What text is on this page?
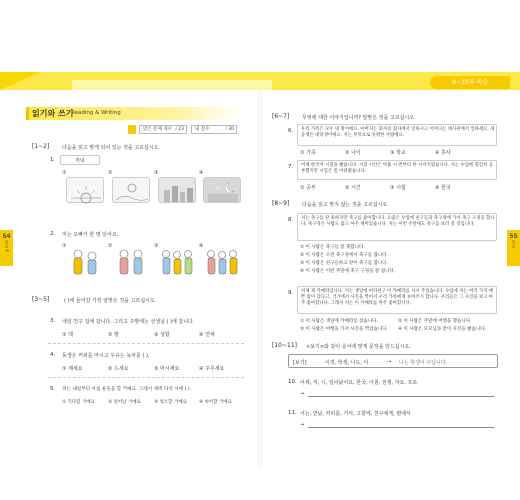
9~10과 복습
54
복습 4
55
복습
읽기와 쓰기
Reading & Writing
맞은 문제 개수 / 23	내 점수	/ 30
[1~2]	다음을 읽고 맞게 되어 있는 것을 고르십시오.
1.	저녁
①	②	③	④
2. 저는 오빠가 한 명 있어요.
①	②	③	④
[3~5]	( )에 들어갈 가장 알맞은 것을 고르십시오.
3. 내일 친구 집에 갑니다. 그리고 주말에는 선생님 ( )에 갑니다.
① 댁	② 밭	③ 성함	④ 연세
4. 동생은 커피를 마시고 우유는 녹차를 ( ).
① 계세요	② 드세요	③ 마시세요	④ 주무세요
5. 저는 내일부터 아침 운동을 할 거예요. 그래서 새벽 다섯 시에 ( ).
① 기다릴 거예요	② 일어날 거예요	③ 청소할 거예요	④ 씻어할 거예요
[6~7]	무엇에 대한 이야기입니까? 알맞은 것을 고르십시오.
6. 우리 가족은 모두 네 명이에요. 아버지는 회사의 회사에서 일하시고 어머니는 대사관에서 일하세요. 제 동생은 대학생이에요. 저는 무엇으로 유명한 사람예요.
① 가족	② 나이	③ 학교	④ 휴사
7. 어제 한국어 시험을 봤습니다. 시험 시간은 아홉 시 반부터 한 시까지였습니다. 저는 수업에 열심히 공부했지만 시험은 좀 어려웠습니다.
① 공부	② 시간	③ 시험	④ 한국
[8~9]	다음을 읽고 맞지 않는 것을 고르십시오.
8. 저는 축구를 잘 못하지만 축구를 좋아합니다. 요즘은 수업에 친구들과 축구경에 가서 축구 구경을 합니다. 축구경은 사람도 많고 아주 재미있습니다. 저는 이번 주말에도 축구를 보러 갈 것입니다.
① 이 사람은 축구를 잘 못합니다.
② 이 사람은 오전 축구경에서 축구를 봅니다.
③ 이 사람은 친구들하고 같이 축구를 합니다.
④ 이 사람은 이번 주말에 축구 구경을 갈 겁니다.
9. 어제 제 카메라입니다. 저는 생일에 여자친구 이 카메라를 사서 주었습니다. 수업에 저는 여러 가지 예쁜 많이 갔다고, 거기에서 사진을 찍어서 우리 가족에게 보여주기 합니다. 우리들은 그 사진을 보고 아주 좋아합니다. 그래서 저는 이 카메라를 아주 좋아합니다.
① 이 사람은 생일에 카메라를 샀습니다.	② 이 사람은 주말에 여행을 했습니다.
③ 이 사람은 여행을 가서 사진을 찍었습니다. ④ 이 사람은 모모님과 같이 사진을 봤습니다.
[10~11] <보기>와 같이 순서에 맞게 문장을 만드십시오.
[보기]	이것, 학생, 나도, 이	→ 나는 학생이 아닙니다.
10. 어제, 저, 시, 일어났어요, 한국, 아침, 전쟁, 자요, 프로
→
11. 어는, 만났, 커피를, 거서, 고향에, 친구에게, 편에서
→
